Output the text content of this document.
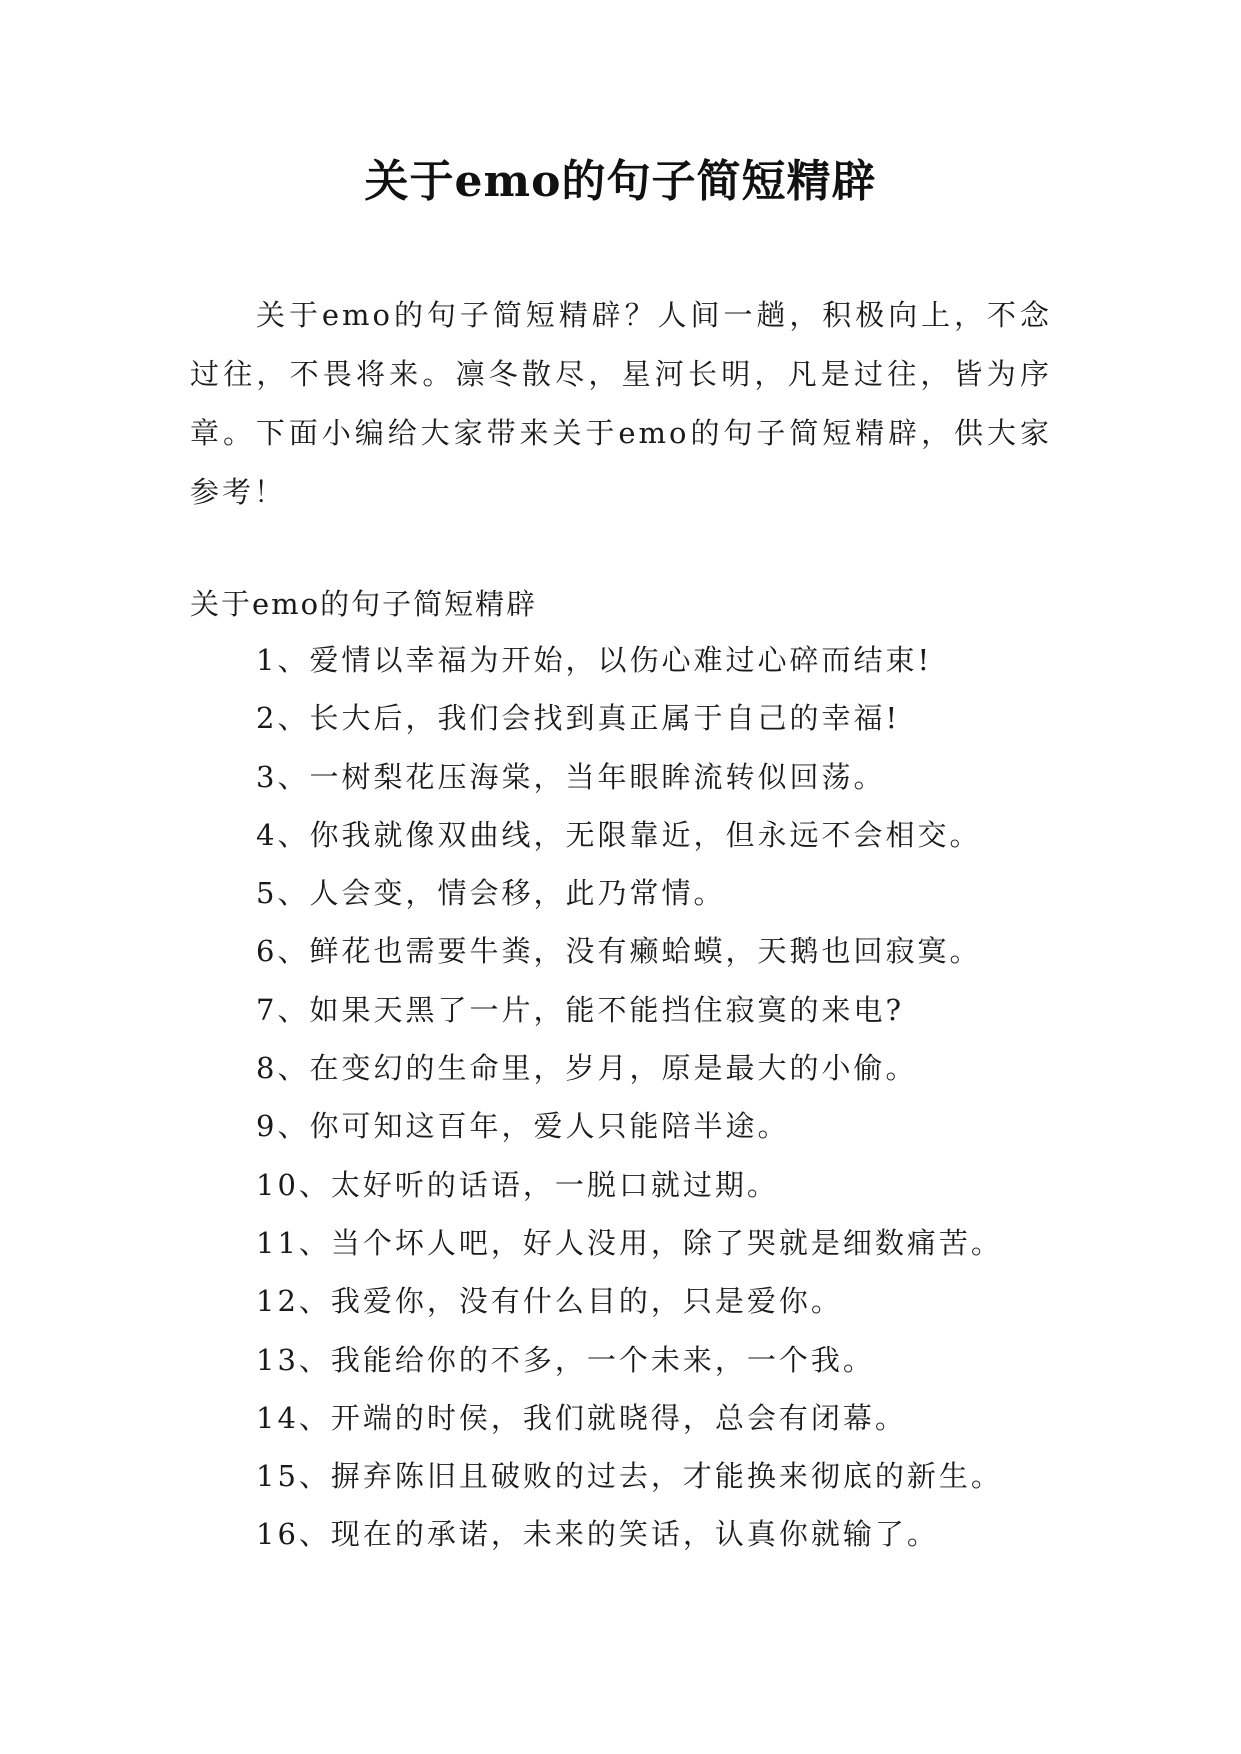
关于emo的句子简短精辟

关于emo的句子简短精辟？人间一趟，积极向上，不念过往，不畏将来。凛冬散尽，星河长明，凡是过往，皆为序章。下面小编给大家带来关于emo的句子简短精辟，供大家参考！

关于emo的句子简短精辟
1、爱情以幸福为开始，以伤心难过心碎而结束!
2、长大后，我们会找到真正属于自己的幸福!
3、一树梨花压海棠，当年眼眸流转似回荡。
4、你我就像双曲线，无限靠近，但永远不会相交。
5、人会变，情会移，此乃常情。
6、鲜花也需要牛粪，没有癞蛤蟆，天鹅也回寂寞。
7、如果天黑了一片，能不能挡住寂寞的来电?
8、在变幻的生命里，岁月，原是最大的小偷。
9、你可知这百年，爱人只能陪半途。
10、太好听的话语，一脱口就过期。
11、当个坏人吧，好人没用，除了哭就是细数痛苦。
12、我爱你，没有什么目的，只是爱你。
13、我能给你的不多，一个未来，一个我。
14、开端的时侯，我们就晓得，总会有闭幕。
15、摒弃陈旧且破败的过去，才能换来彻底的新生。
16、现在的承诺，未来的笑话，认真你就输了。
